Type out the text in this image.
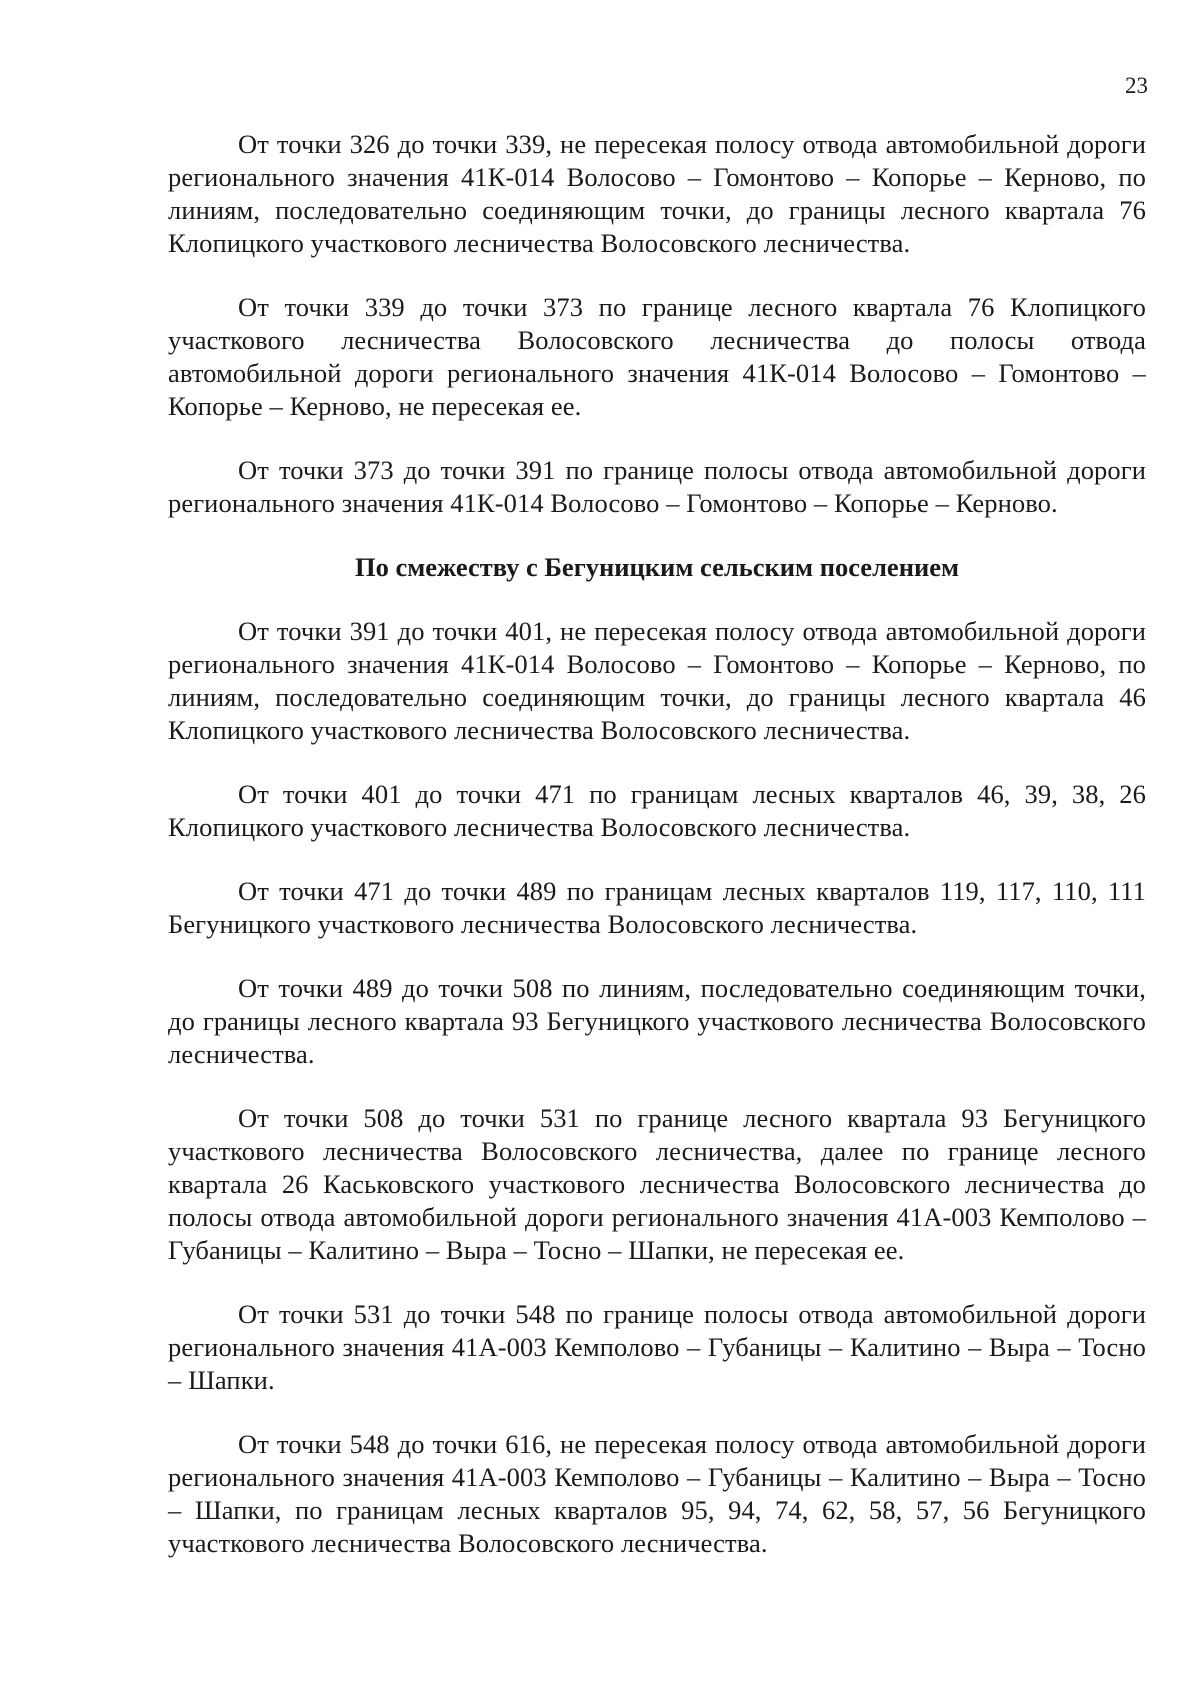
23

От точки 326 до точки 339, не пересекая полосу отвода автомобильной дороги регионального значения 41К-014 Волосово – Гомонтово – Копорье – Керново, по линиям, последовательно соединяющим точки, до границы лесного квартала 76 Клопицкого участкового лесничества Волосовского лесничества.

От точки 339 до точки 373 по границе лесного квартала 76 Клопицкого участкового лесничества Волосовского лесничества до полосы отвода автомобильной дороги регионального значения 41К-014 Волосово – Гомонтово – Копорье – Керново, не пересекая ее.

От точки 373 до точки 391 по границе полосы отвода автомобильной дороги регионального значения 41К-014 Волосово – Гомонтово – Копорье – Керново.

По смежеству с Бегуницким сельским поселением

От точки 391 до точки 401, не пересекая полосу отвода автомобильной дороги регионального значения 41К-014 Волосово – Гомонтово – Копорье – Керново, по линиям, последовательно соединяющим точки, до границы лесного квартала 46 Клопицкого участкового лесничества Волосовского лесничества.

От точки 401 до точки 471 по границам лесных кварталов 46, 39, 38, 26 Клопицкого участкового лесничества Волосовского лесничества.

От точки 471 до точки 489 по границам лесных кварталов 119, 117, 110, 111 Бегуницкого участкового лесничества Волосовского лесничества.

От точки 489 до точки 508 по линиям, последовательно соединяющим точки, до границы лесного квартала 93 Бегуницкого участкового лесничества Волосовского лесничества.

От точки 508 до точки 531 по границе лесного квартала 93 Бегуницкого участкового лесничества Волосовского лесничества, далее по границе лесного квартала 26 Каськовского участкового лесничества Волосовского лесничества до полосы отвода автомобильной дороги регионального значения 41А-003 Кемполово – Губаницы – Калитино – Выра – Тосно – Шапки, не пересекая ее.

От точки 531 до точки 548 по границе полосы отвода автомобильной дороги регионального значения 41А-003 Кемполово – Губаницы – Калитино – Выра – Тосно – Шапки.

От точки 548 до точки 616, не пересекая полосу отвода автомобильной дороги регионального значения 41А-003 Кемполово – Губаницы – Калитино – Выра – Тосно – Шапки, по границам лесных кварталов 95, 94, 74, 62, 58, 57, 56 Бегуницкого участкового лесничества Волосовского лесничества.
